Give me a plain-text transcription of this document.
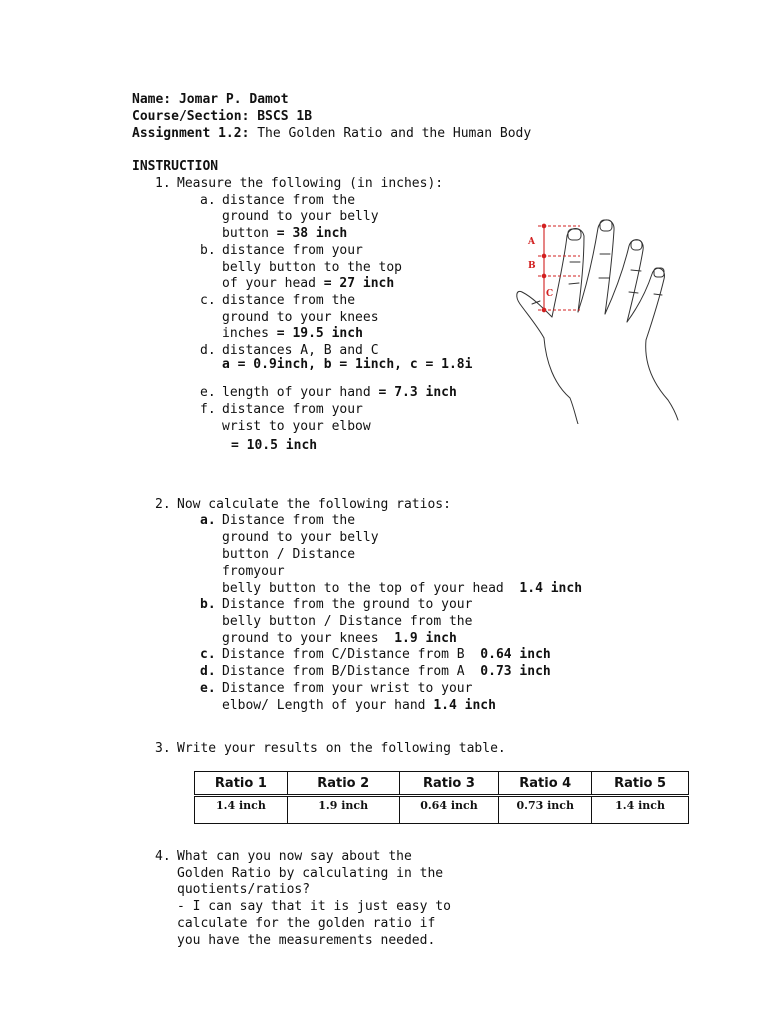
Name: Jomar P. Damot
Course/Section: BSCS 1B
Assignment 1.2: The Golden Ratio and the Human Body
INSTRUCTION
1. Measure the following (in inches):
a. distance from the
ground to your belly
button = 38 inch
b. distance from your
belly button to the top
of your head = 27 inch
c. distance from the
ground to your knees
inches = 19.5 inch
d. distances A, B and C
a = 0.9inch, b = 1inch, c = 1.8i
e. length of your hand = 7.3 inch
f. distance from your
wrist to your elbow
= 10.5 inch
A
B
C
2. Now calculate the following ratios:
a. Distance from the
ground to your belly
button / Distance
fromyour
belly button to the top of your head 1.4 inch
b. Distance from the ground to your
belly button / Distance from the
ground to your knees 1.9 inch
c. Distance from C/Distance from B 0.64 inch
d. Distance from B/Distance from A 0.73 inch
e. Distance from your wrist to your
elbow/ Length of your hand 1.4 inch
3. Write your results on the following table.
Ratio 1	Ratio 2	Ratio 3	Ratio 4	Ratio 5
1.4 inch	1.9 inch	0.64 inch	0.73 inch	1.4 inch
4. What can you now say about the
Golden Ratio by calculating in the
quotients/ratios?
- I can say that it is just easy to
calculate for the golden ratio if
you have the measurements needed.
